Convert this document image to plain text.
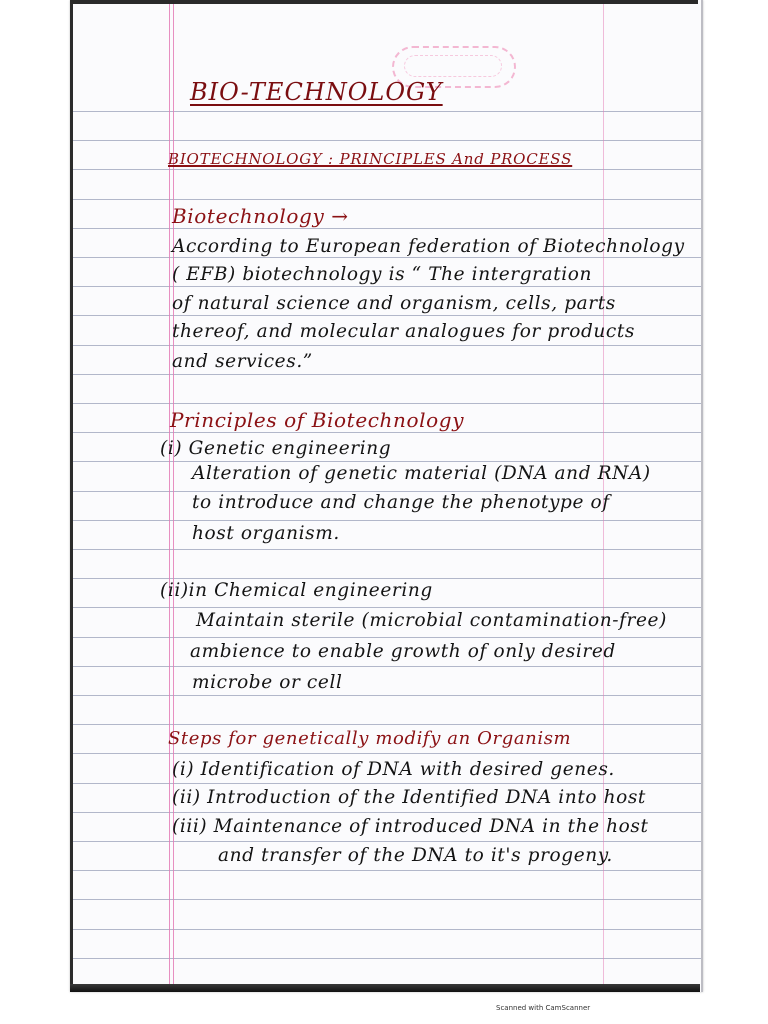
BIO-TECHNOLOGY
BIOTECHNOLOGY : PRINCIPLES And PROCESS
Biotechnology →
According to European federation of Biotechnology
( EFB) biotechnology is “ The intergration
of natural science and organism, cells, parts
thereof, and molecular analogues for products
and services.”
Principles of Biotechnology
(i) Genetic engineering
Alteration of genetic material (DNA and RNA)
to introduce and change the phenotype of
host organism.
(ii)in Chemical engineering
Maintain sterile (microbial contamination-free)
ambience to enable growth of only desired
microbe or cell
Steps for genetically modify an Organism
(i) Identification of DNA with desired genes.
(ii) Introduction of the Identified DNA into host
(iii) Maintenance of introduced DNA in the host
and transfer of the DNA to it's progeny.
Scanned with CamScanner
